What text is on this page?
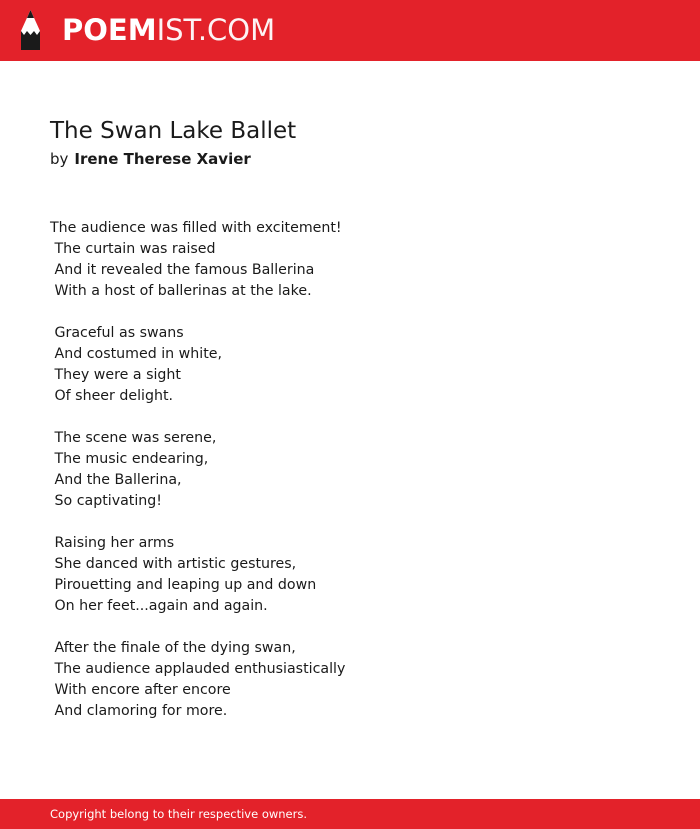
POEMIST.COM
The Swan Lake Ballet
by Irene Therese Xavier
The audience was filled with excitement!
The curtain was raised
And it revealed the famous Ballerina
With a host of ballerinas at the lake.
Graceful as swans
And costumed in white,
They were a sight
Of sheer delight.
The scene was serene,
The music endearing,
And the Ballerina,
So captivating!
Raising her arms
She danced with artistic gestures,
Pirouetting and leaping up and down
On her feet...again and again.
After the finale of the dying swan,
The audience applauded enthusiastically
With encore after encore
And clamoring for more.
Copyright belong to their respective owners.
